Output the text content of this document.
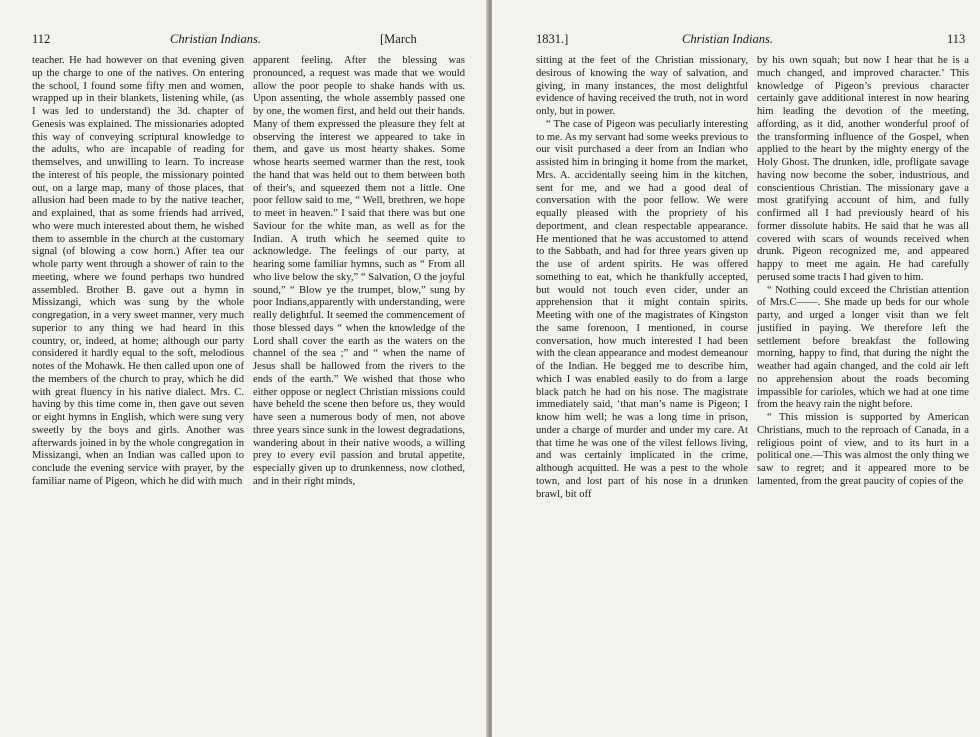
112	Christian Indians.	[March

teacher. He had however on that evening given up the charge to one of the natives. On entering the school, I found some fifty men and women, wrapped up in their blankets, listening while, (as I was led to understand) the 3d. chapter of Genesis was explained. The missionaries adopted this way of conveying scriptural knowledge to the adults, who are incapable of reading for themselves, and unwilling to learn. To increase the interest of his people, the missionary pointed out, on a large map, many of those places, that allusion had been made to by the native teacher, and explained, that as some friends had arrived, who were much interested about them, he wished them to assemble in the church at the customary signal (of blowing a cow horn.) After tea our whole party went through a shower of rain to the meeting, where we found perhaps two hundred assembled. Brother B. gave out a hymn in Missizangi, which was sung by the whole congregation, in a very sweet manner, very much superior to any thing we had heard in this country, or, indeed, at home; although our party considered it hardly equal to the soft, melodious notes of the Mohawk. He then called upon one of the members of the church to pray, which he did with great fluency in his native dialect. Mrs. C. having by this time come in, then gave out seven or eight hymns in English, which were sung very sweetly by the boys and girls. Another was afterwards joined in by the whole congregation in Missizangi, when an Indian was called upon to conclude the evening service with prayer, by the familiar name of Pigeon, which he did with much

apparent feeling. After the blessing was pronounced, a request was made that we would allow the poor people to shake hands with us. Upon assenting, the whole assembly passed one by one, the women first, and held out their hands. Many of them expressed the pleasure they felt at observing the interest we appeared to take in them, and gave us most hearty shakes. Some whose hearts seemed warmer than the rest, took the hand that was held out to them between both of their's, and squeezed them not a little. One poor fellow said to me, “ Well, brethren, we hope to meet in heaven.” I said that there was but one Saviour for the white man, as well as for the Indian. A truth which he seemed quite to acknowledge. The feelings of our party, at hearing some familiar hymns, such as “ From all who live below the sky,” “ Salvation, O the joyful sound,” “ Blow ye the trumpet, blow,” sung by poor Indians,apparently with understanding, were really delightful. It seemed the commencement of those blessed days “ when the knowledge of the Lord shall cover the earth as the waters on the channel of the sea ;” and “ when the name of Jesus shall be hallowed from the rivers to the ends of the earth.” We wished that those who either oppose or neglect Christian missions could have beheld the scene then before us, they would have seen a numerous body of men, not above three years since sunk in the lowest degradations, wandering about in their native woods, a willing prey to every evil passion and brutal appetite, especially given up to drunkenness, now clothed, and in their right minds,

1831.]	Christian Indians.	113

sitting at the feet of the Christian missionary, desirous of knowing the way of salvation, and giving, in many instances, the most delightful evidence of having received the truth, not in word only, but in power.

“ The case of Pigeon was peculiarly interesting to me. As my servant had some weeks previous to our visit purchased a deer from an Indian who assisted him in bringing it home from the market, Mrs. A. accidentally seeing him in the kitchen, sent for me, and we had a good deal of conversation with the poor fellow. We were equally pleased with the propriety of his deportment, and clean respectable appearance. He mentioned that he was accustomed to attend to the Sabbath, and had for three years given up the use of ardent spirits. He was offered something to eat, which he thankfully accepted, but would not touch even cider, under an apprehension that it might contain spirits. Meeting with one of the magistrates of Kingston the same forenoon, I mentioned, in course conversation, how much interested I had been with the clean appearance and modest demeanour of the Indian. He begged me to describe him, which I was enabled easily to do from a large black patch he had on his nose. The magistrate immediately said, ‘that man’s name is Pigeon; I know him well; he was a long time in prison, under a charge of murder and under my care. At that time he was one of the vilest fellows living, and was certainly implicated in the crime, although acquitted. He was a pest to the whole town, and lost part of his nose in a drunken brawl, bit off

by his own squah; but now I hear that he is a much changed, and improved character.’ This knowledge of Pigeon’s previous character certainly gave additional interest in now hearing him leading the devotion of the meeting, affording, as it did, another wonderful proof of the transforming influence of the Gospel, when applied to the heart by the mighty energy of the Holy Ghost. The drunken, idle, profligate savage having now become the sober, industrious, and conscientious Christian. The missionary gave a most gratifying account of him, and fully confirmed all I had previously heard of his former dissolute habits. He said that he was all covered with scars of wounds received when drunk. Pigeon recognized me, and appeared happy to meet me again. He had carefully perused some tracts I had given to him.

“ Nothing could exceed the Christian attention of Mrs.C——. She made up beds for our whole party, and urged a longer visit than we felt justified in paying. We therefore left the settlement before breakfast the following morning, happy to find, that during the night the weather had again changed, and the cold air left no apprehension about the roads becoming impassible for carioles, which we had at one time from the heavy rain the night before.

“ This mission is supported by American Christians, much to the reproach of Canada, in a religious point of view, and to its hurt in a political one.—This was almost the only thing we saw to regret; and it appeared more to be lamented, from the great paucity of copies of the
